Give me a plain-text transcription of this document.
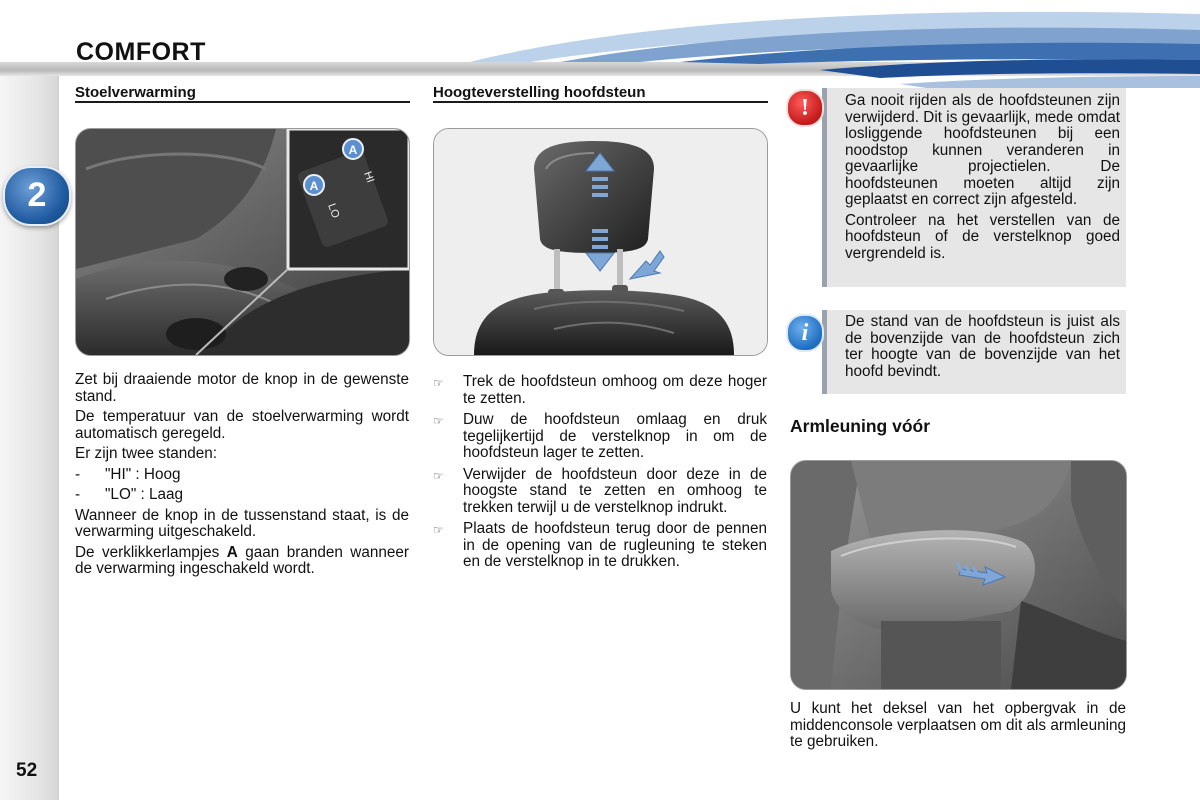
COMFORT
2
52
Stoelverwarming
A
A
HI
LO

Zet bij draaiende motor de knop in de gewenste stand.

De temperatuur van de stoelverwarming wordt automatisch geregeld.

Er zijn twee standen:

-	"HI" : Hoog
-	"LO" : Laag

Wanneer de knop in de tussenstand staat, is de verwarming uitgeschakeld.

De verklikkerlampjes A gaan branden wanneer de verwarming ingeschakeld wordt.

Hoogteverstelling hoofdsteun
☞	Trek de hoofdsteun omhoog om deze hoger te zetten.
☞	Duw de hoofdsteun omlaag en druk tegelijkertijd de verstelknop in om de hoofdsteun lager te zetten.
☞	Verwijder de hoofdsteun door deze in de hoogste stand te zetten en omhoog te trekken terwijl u de verstelknop indrukt.
☞	Plaats de hoofdsteun terug door de pennen in de opening van de rugleuning te steken en de verstelknop in te drukken.

Ga nooit rijden als de hoofdsteunen zijn verwijderd. Dit is gevaarlijk, mede omdat losliggende hoofdsteunen bij een noodstop kunnen veranderen in gevaarlijke projectielen. De hoofdsteunen moeten altijd zijn geplaatst en correct zijn afgesteld.

Controleer na het verstellen van de hoofdsteun of de verstelknop goed vergrendeld is.

!
De stand van de hoofdsteun is juist als de bovenzijde van de hoofdsteun zich ter hoogte van de bovenzijde van het hoofd bevindt.
i
Armleuning vóór
U kunt het deksel van het opbergvak in de middenconsole verplaatsen om dit als armleuning te gebruiken.
